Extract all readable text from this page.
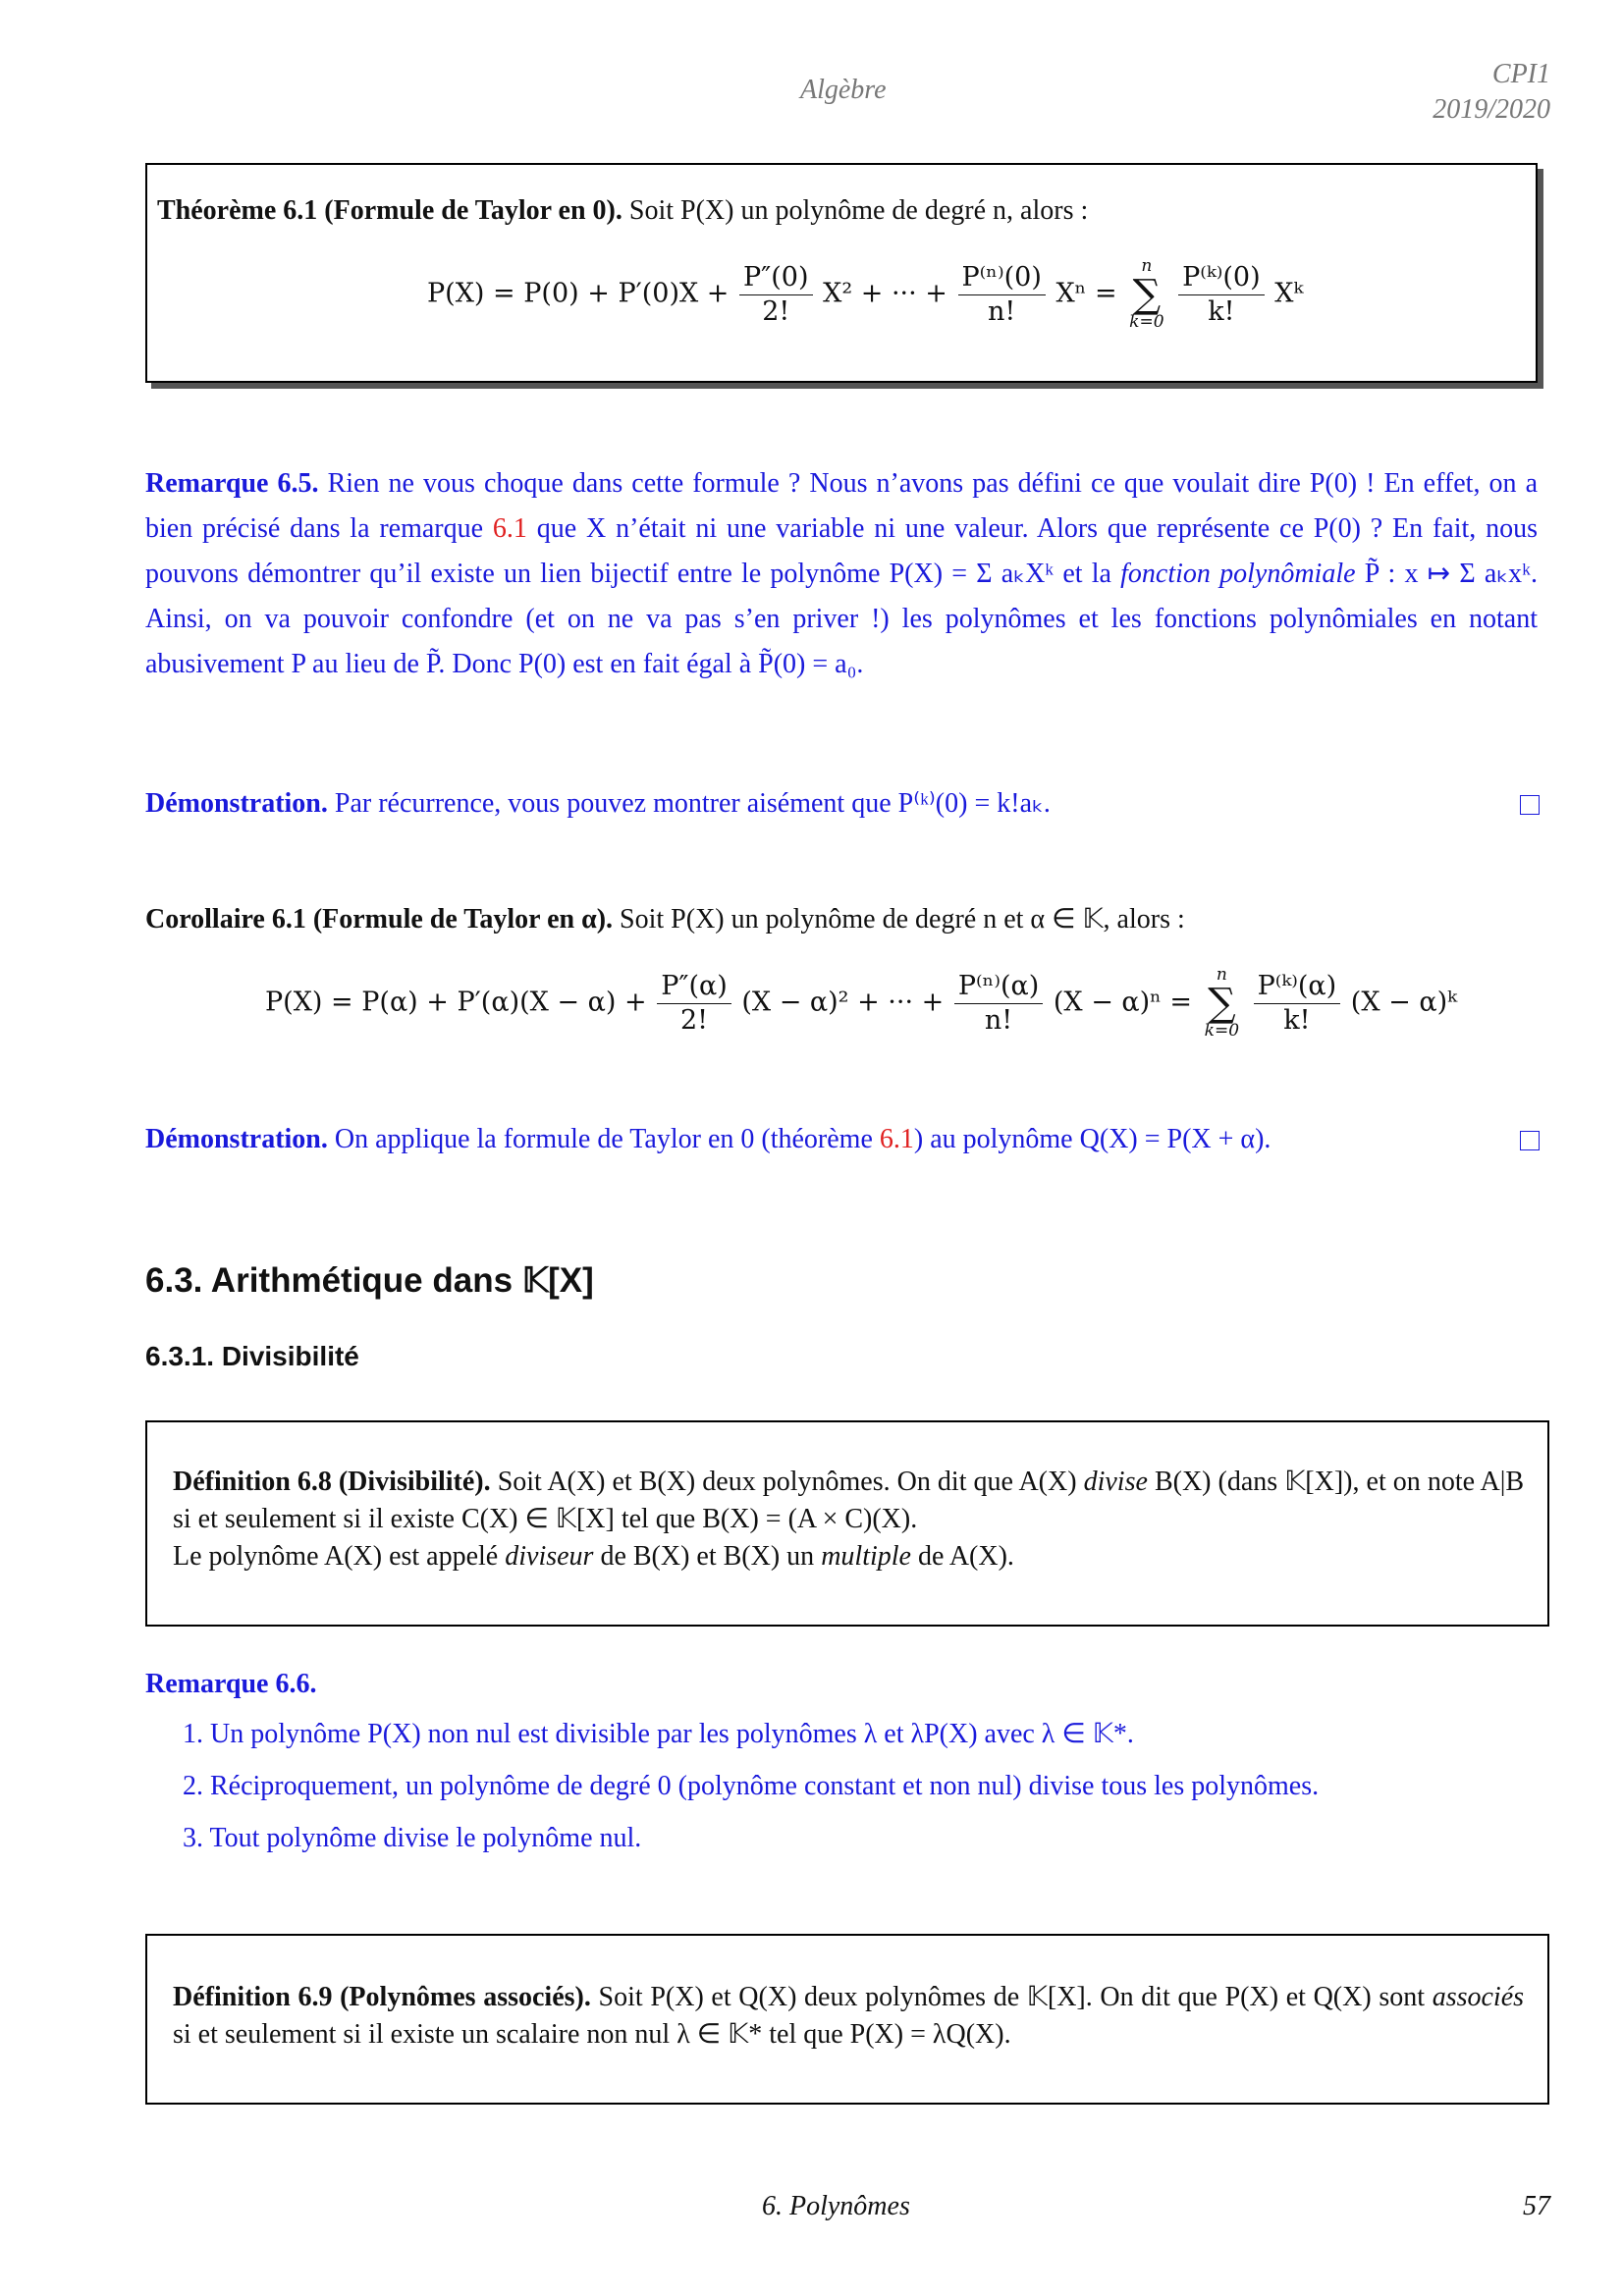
Algèbre
CPI1
2019/2020
Théorème 6.1 (Formule de Taylor en 0). Soit P(X) un polynôme de degré n, alors :
$P(X) = P(0) + P'(0)X + \frac{P''(0)}{2!} X^2$ + ··· + $\frac{\text{P⁽ⁿ⁾(0)}}{n!}$ Xⁿ =
n
∑
k=0
$\frac{\text{P⁽ᵏ⁾(0)}}{k!}$ Xᵏ
Remarque 6.5. Rien ne vous choque dans cette formule ? Nous n’avons pas défini ce que voulait dire P(0) ! En effet, on a bien précisé dans la remarque 6.1 que X n’était ni une variable ni une valeur. Alors que représente ce P(0) ? En fait, nous pouvons démontrer qu’il existe un lien bijectif entre le polynôme P(X) = Σ aₖXᵏ et la fonction polynômiale P̃ : x ↦ Σ aₖxᵏ. Ainsi, on va pouvoir confondre (et on ne va pas s’en priver !) les polynômes et les fonctions polynômiales en notant abusivement P au lieu de P̃. Donc P(0) est en fait égal à P̃(0) = a₀.
Démonstration. Par récurrence, vous pouvez montrer aisément que P⁽ᵏ⁾(0) = k!aₖ.
Corollaire 6.1 (Formule de Taylor en α). Soit P(X) un polynôme de degré n et α ∈ 𝕂, alors :
$P(X) = P(\alpha) + P'(\alpha)(X - \alpha) + \frac{P''(\alpha)}{2!} (X - \alpha)^2$ + ··· + $\frac{\text{P⁽ⁿ⁾(α)}}{n!} (X - \alpha)^n$ =
n
∑
k=0
$\frac{\text{P⁽ᵏ⁾(α)}}{k!} (X$ − α)ᵏ
Démonstration. On applique la formule de Taylor en 0 (théorème 6.1) au polynôme Q(X) = P(X + α).
6.3. Arithmétique dans 𝕂[X]
6.3.1. Divisibilité
Définition 6.8 (Divisibilité). Soit A(X) et B(X) deux polynômes. On dit que A(X) divise B(X) (dans 𝕂[X]), et on note A|B si et seulement si il existe C(X) ∈ 𝕂[X] tel que B(X) = (A × C)(X).
Le polynôme A(X) est appelé diviseur de B(X) et B(X) un multiple de A(X).
Remarque 6.6.
1. Un polynôme P(X) non nul est divisible par les polynômes λ et λP(X) avec λ ∈ 𝕂*.
2. Réciproquement, un polynôme de degré 0 (polynôme constant et non nul) divise tous les polynômes.
3. Tout polynôme divise le polynôme nul.
Définition 6.9 (Polynômes associés). Soit P(X) et Q(X) deux polynômes de 𝕂[X]. On dit que P(X) et Q(X) sont associés si et seulement si il existe un scalaire non nul λ ∈ 𝕂* tel que P(X) = λQ(X).
6. Polynômes	57
